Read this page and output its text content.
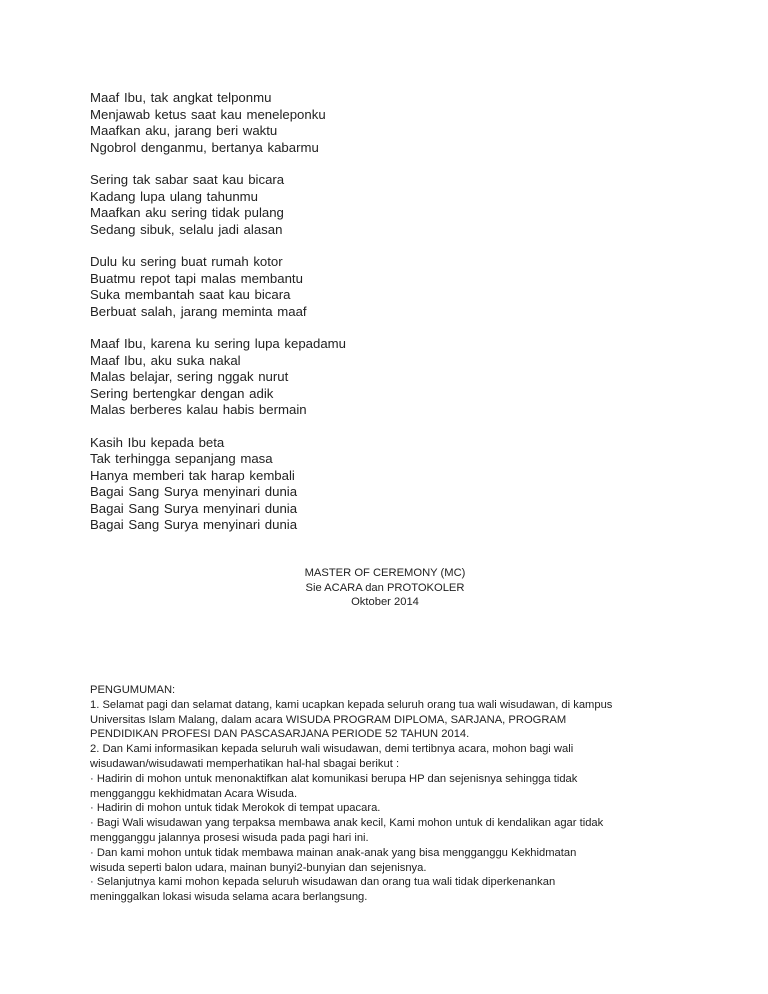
Maaf Ibu, tak angkat telponmu
Menjawab ketus saat kau meneleponku
Maafkan aku, jarang beri waktu
Ngobrol denganmu, bertanya kabarmu
Sering tak sabar saat kau bicara
Kadang lupa ulang tahunmu
Maafkan aku sering tidak pulang
Sedang sibuk, selalu jadi alasan
Dulu ku sering buat rumah kotor
Buatmu repot tapi malas membantu
Suka membantah saat kau bicara
Berbuat salah, jarang meminta maaf
Maaf Ibu, karena ku sering lupa kepadamu
Maaf Ibu, aku suka nakal
Malas belajar, sering nggak nurut
Sering bertengkar dengan adik
Malas berberes kalau habis bermain
Kasih Ibu kepada beta
Tak terhingga sepanjang masa
Hanya memberi tak harap kembali
Bagai Sang Surya menyinari dunia
Bagai Sang Surya menyinari dunia
Bagai Sang Surya menyinari dunia
MASTER OF CEREMONY (MC)
Sie ACARA dan PROTOKOLER
Oktober 2014
PENGUMUMAN:
1. Selamat pagi dan selamat datang, kami ucapkan kepada seluruh orang tua wali wisudawan, di kampus
Universitas Islam Malang, dalam acara WISUDA PROGRAM DIPLOMA, SARJANA, PROGRAM
PENDIDIKAN PROFESI DAN PASCASARJANA PERIODE 52 TAHUN 2014.
2. Dan Kami informasikan kepada seluruh wali wisudawan, demi tertibnya acara, mohon bagi wali
wisudawan/wisudawati memperhatikan hal-hal sbagai berikut :
· Hadirin di mohon untuk menonaktifkan alat komunikasi berupa HP dan sejenisnya sehingga tidak
mengganggu kekhidmatan Acara Wisuda.
· Hadirin di mohon untuk tidak Merokok di tempat upacara.
· Bagi Wali wisudawan yang terpaksa membawa anak kecil, Kami mohon untuk di kendalikan agar tidak
mengganggu jalannya prosesi wisuda pada pagi hari ini.
· Dan kami mohon untuk tidak membawa mainan anak-anak yang bisa mengganggu Kekhidmatan
wisuda seperti balon udara, mainan bunyi2-bunyian dan sejenisnya.
· Selanjutnya kami mohon kepada seluruh wisudawan dan orang tua wali tidak diperkenankan
meninggalkan lokasi wisuda selama acara berlangsung.
